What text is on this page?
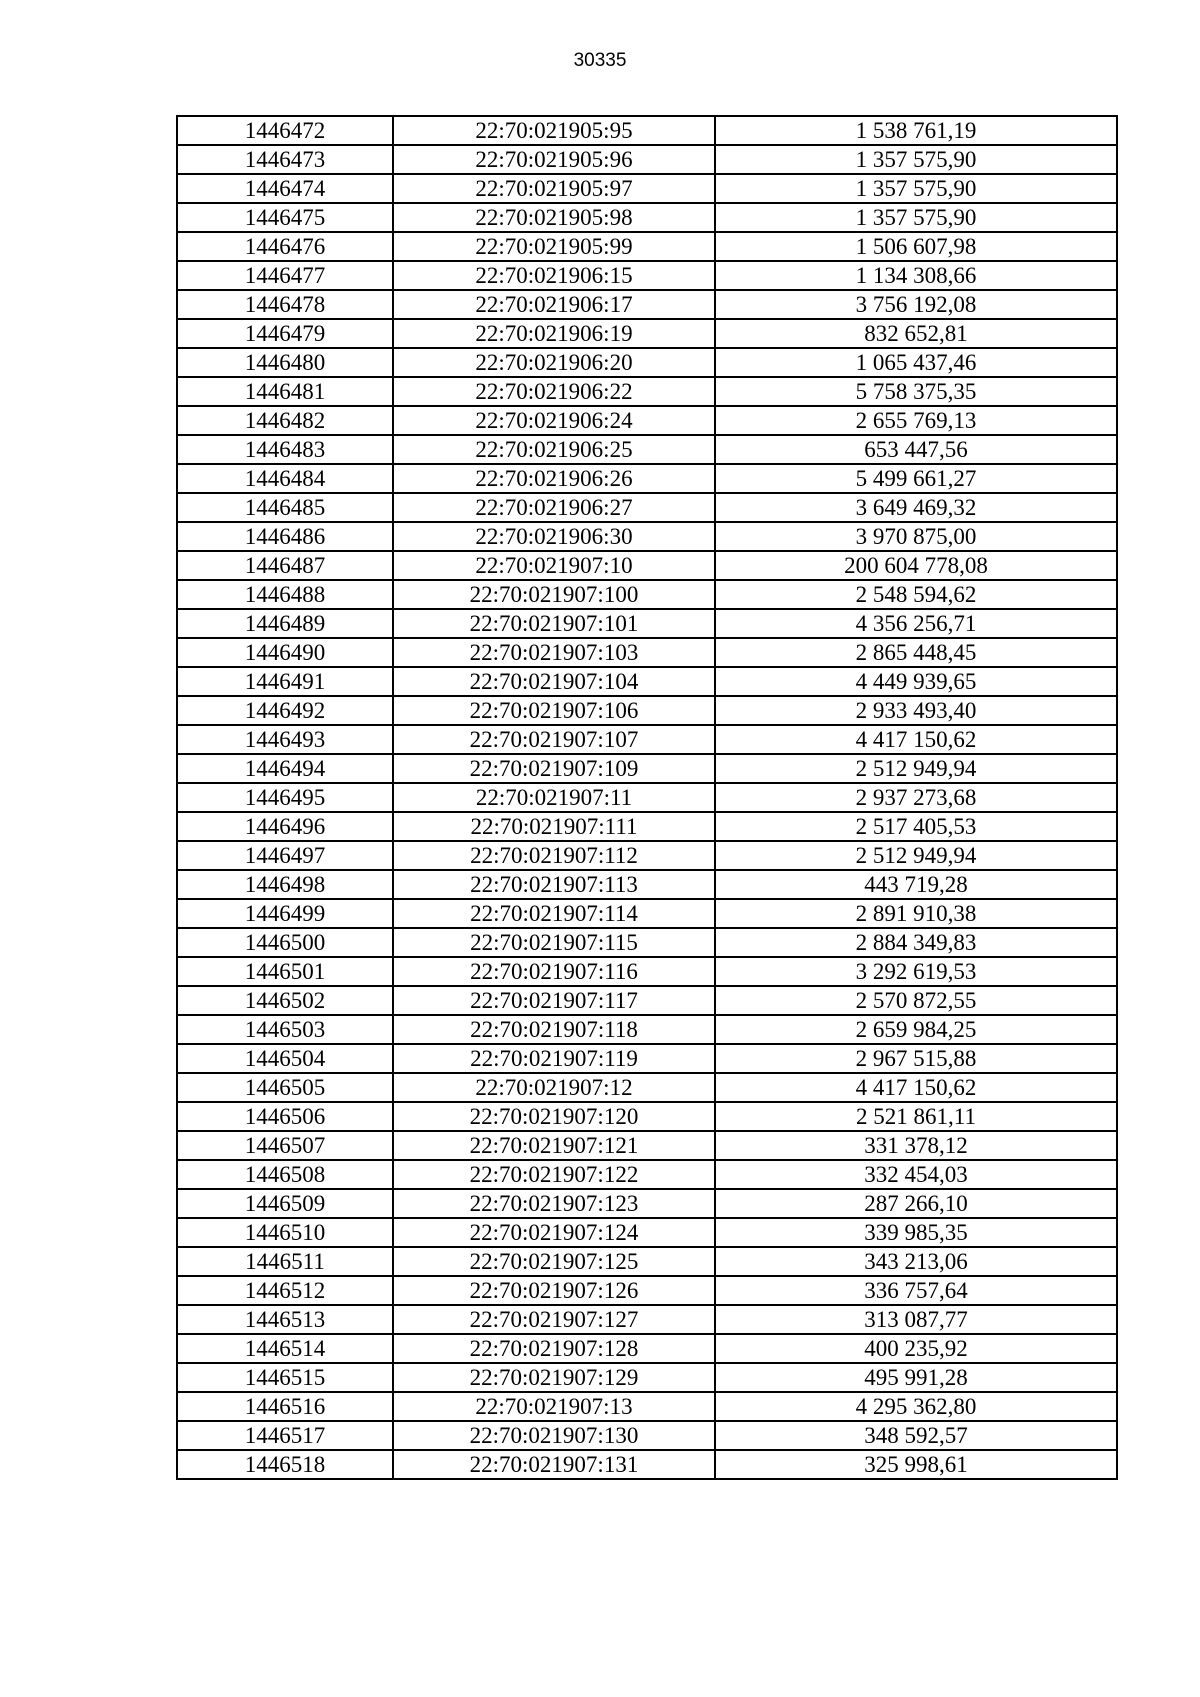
30335
1446472	22:70:021905:95	1 538 761,19
1446473	22:70:021905:96	1 357 575,90
1446474	22:70:021905:97	1 357 575,90
1446475	22:70:021905:98	1 357 575,90
1446476	22:70:021905:99	1 506 607,98
1446477	22:70:021906:15	1 134 308,66
1446478	22:70:021906:17	3 756 192,08
1446479	22:70:021906:19	832 652,81
1446480	22:70:021906:20	1 065 437,46
1446481	22:70:021906:22	5 758 375,35
1446482	22:70:021906:24	2 655 769,13
1446483	22:70:021906:25	653 447,56
1446484	22:70:021906:26	5 499 661,27
1446485	22:70:021906:27	3 649 469,32
1446486	22:70:021906:30	3 970 875,00
1446487	22:70:021907:10	200 604 778,08
1446488	22:70:021907:100	2 548 594,62
1446489	22:70:021907:101	4 356 256,71
1446490	22:70:021907:103	2 865 448,45
1446491	22:70:021907:104	4 449 939,65
1446492	22:70:021907:106	2 933 493,40
1446493	22:70:021907:107	4 417 150,62
1446494	22:70:021907:109	2 512 949,94
1446495	22:70:021907:11	2 937 273,68
1446496	22:70:021907:111	2 517 405,53
1446497	22:70:021907:112	2 512 949,94
1446498	22:70:021907:113	443 719,28
1446499	22:70:021907:114	2 891 910,38
1446500	22:70:021907:115	2 884 349,83
1446501	22:70:021907:116	3 292 619,53
1446502	22:70:021907:117	2 570 872,55
1446503	22:70:021907:118	2 659 984,25
1446504	22:70:021907:119	2 967 515,88
1446505	22:70:021907:12	4 417 150,62
1446506	22:70:021907:120	2 521 861,11
1446507	22:70:021907:121	331 378,12
1446508	22:70:021907:122	332 454,03
1446509	22:70:021907:123	287 266,10
1446510	22:70:021907:124	339 985,35
1446511	22:70:021907:125	343 213,06
1446512	22:70:021907:126	336 757,64
1446513	22:70:021907:127	313 087,77
1446514	22:70:021907:128	400 235,92
1446515	22:70:021907:129	495 991,28
1446516	22:70:021907:13	4 295 362,80
1446517	22:70:021907:130	348 592,57
1446518	22:70:021907:131	325 998,61
